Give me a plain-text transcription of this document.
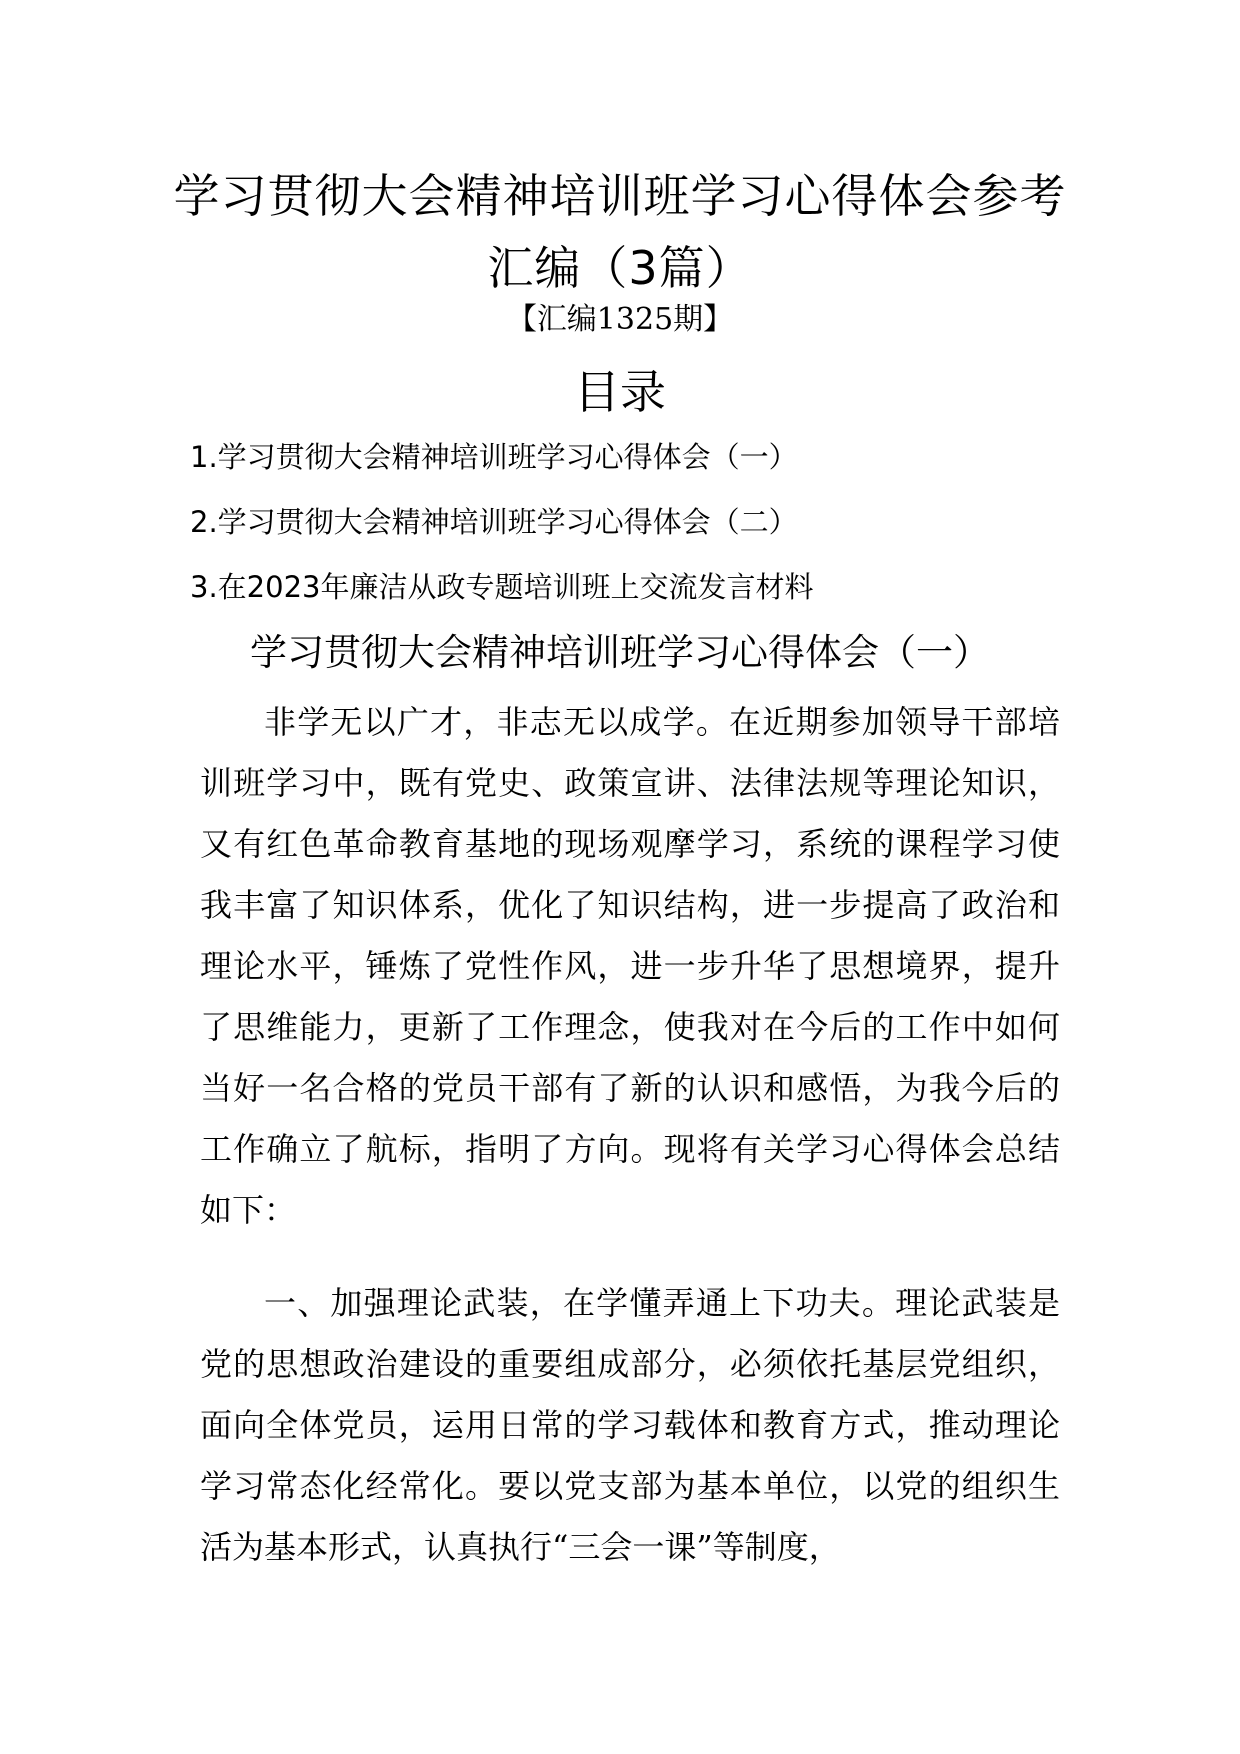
学习贯彻大会精神培训班学习心得体会参考汇编（3篇）
【汇编1325期】
目录
1.学习贯彻大会精神培训班学习心得体会（一）
2.学习贯彻大会精神培训班学习心得体会（二）
3.在2023年廉洁从政专题培训班上交流发言材料
学习贯彻大会精神培训班学习心得体会（一）

非学无以广才，非志无以成学。在近期参加领导干部培训班学习中，既有党史、政策宣讲、法律法规等理论知识，又有红色革命教育基地的现场观摩学习，系统的课程学习使我丰富了知识体系，优化了知识结构，进一步提高了政治和理论水平，锤炼了党性作风，进一步升华了思想境界，提升了思维能力，更新了工作理念，使我对在今后的工作中如何当好一名合格的党员干部有了新的认识和感悟，为我今后的工作确立了航标，指明了方向。现将有关学习心得体会总结如下：

一、加强理论武装，在学懂弄通上下功夫。理论武装是党的思想政治建设的重要组成部分，必须依托基层党组织，面向全体党员，运用日常的学习载体和教育方式，推动理论学习常态化经常化。要以党支部为基本单位，以党的组织生活为基本形式，认真执行“三会一课”等制度，
